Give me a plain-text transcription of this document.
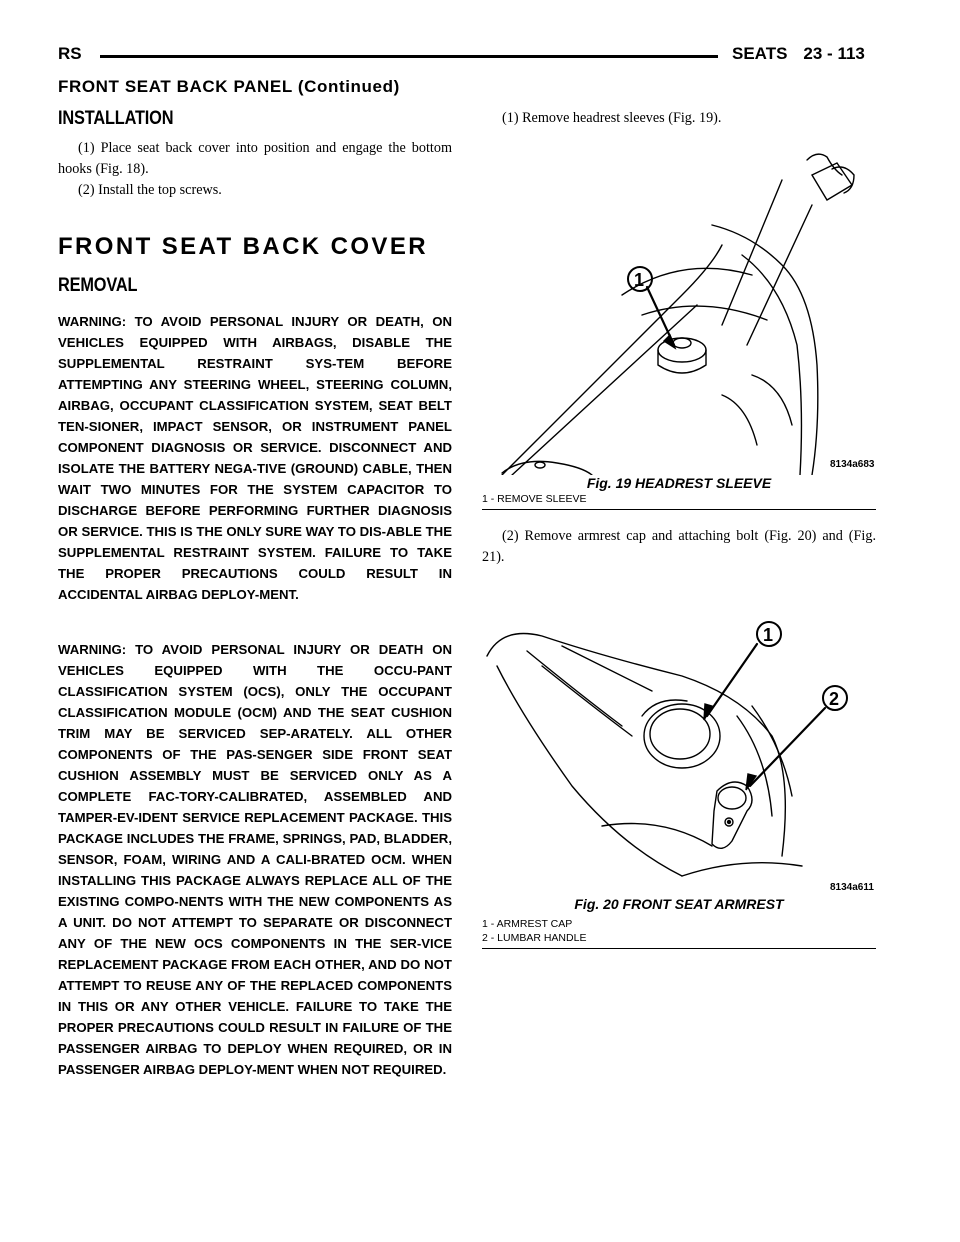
RS	SEATS 23 - 113
FRONT SEAT BACK PANEL (Continued)
INSTALLATION

(1) Place seat back cover into position and engage the bottom hooks (Fig. 18).

(2) Install the top screws.

FRONT SEAT BACK COVER
REMOVAL

WARNING: TO AVOID PERSONAL INJURY OR DEATH, ON VEHICLES EQUIPPED WITH AIRBAGS, DISABLE THE SUPPLEMENTAL RESTRAINT SYS-TEM BEFORE ATTEMPTING ANY STEERING WHEEL, STEERING COLUMN, AIRBAG, OCCUPANT CLASSIFICATION SYSTEM, SEAT BELT TEN-SIONER, IMPACT SENSOR, OR INSTRUMENT PANEL COMPONENT DIAGNOSIS OR SERVICE. DISCONNECT AND ISOLATE THE BATTERY NEGA-TIVE (GROUND) CABLE, THEN WAIT TWO MINUTES FOR THE SYSTEM CAPACITOR TO DISCHARGE BEFORE PERFORMING FURTHER DIAGNOSIS OR SERVICE. THIS IS THE ONLY SURE WAY TO DIS-ABLE THE SUPPLEMENTAL RESTRAINT SYSTEM. FAILURE TO TAKE THE PROPER PRECAUTIONS COULD RESULT IN ACCIDENTAL AIRBAG DEPLOY-MENT.

WARNING: TO AVOID PERSONAL INJURY OR DEATH ON VEHICLES EQUIPPED WITH THE OCCU-PANT CLASSIFICATION SYSTEM (OCS), ONLY THE OCCUPANT CLASSIFICATION MODULE (OCM) AND THE SEAT CUSHION TRIM MAY BE SERVICED SEP-ARATELY. ALL OTHER COMPONENTS OF THE PAS-SENGER SIDE FRONT SEAT CUSHION ASSEMBLY MUST BE SERVICED ONLY AS A COMPLETE FAC-TORY-CALIBRATED, ASSEMBLED AND TAMPER-EV-IDENT SERVICE REPLACEMENT PACKAGE. THIS PACKAGE INCLUDES THE FRAME, SPRINGS, PAD, BLADDER, SENSOR, FOAM, WIRING AND A CALI-BRATED OCM. WHEN INSTALLING THIS PACKAGE ALWAYS REPLACE ALL OF THE EXISTING COMPO-NENTS WITH THE NEW COMPONENTS AS A UNIT. DO NOT ATTEMPT TO SEPARATE OR DISCONNECT ANY OF THE NEW OCS COMPONENTS IN THE SER-VICE REPLACEMENT PACKAGE FROM EACH OTHER, AND DO NOT ATTEMPT TO REUSE ANY OF THE REPLACED COMPONENTS IN THIS OR ANY OTHER VEHICLE. FAILURE TO TAKE THE PROPER PRECAUTIONS COULD RESULT IN FAILURE OF THE PASSENGER AIRBAG TO DEPLOY WHEN REQUIRED, OR IN PASSENGER AIRBAG DEPLOY-MENT WHEN NOT REQUIRED.

(1) Remove headrest sleeves (Fig. 19).

1
8134a683

Fig. 19 HEADREST SLEEVE

1 - REMOVE SLEEVE

(2) Remove armrest cap and attaching bolt (Fig. 20) and (Fig. 21).

1
2
8134a611

Fig. 20 FRONT SEAT ARMREST

1 - ARMREST CAP

2 - LUMBAR HANDLE
